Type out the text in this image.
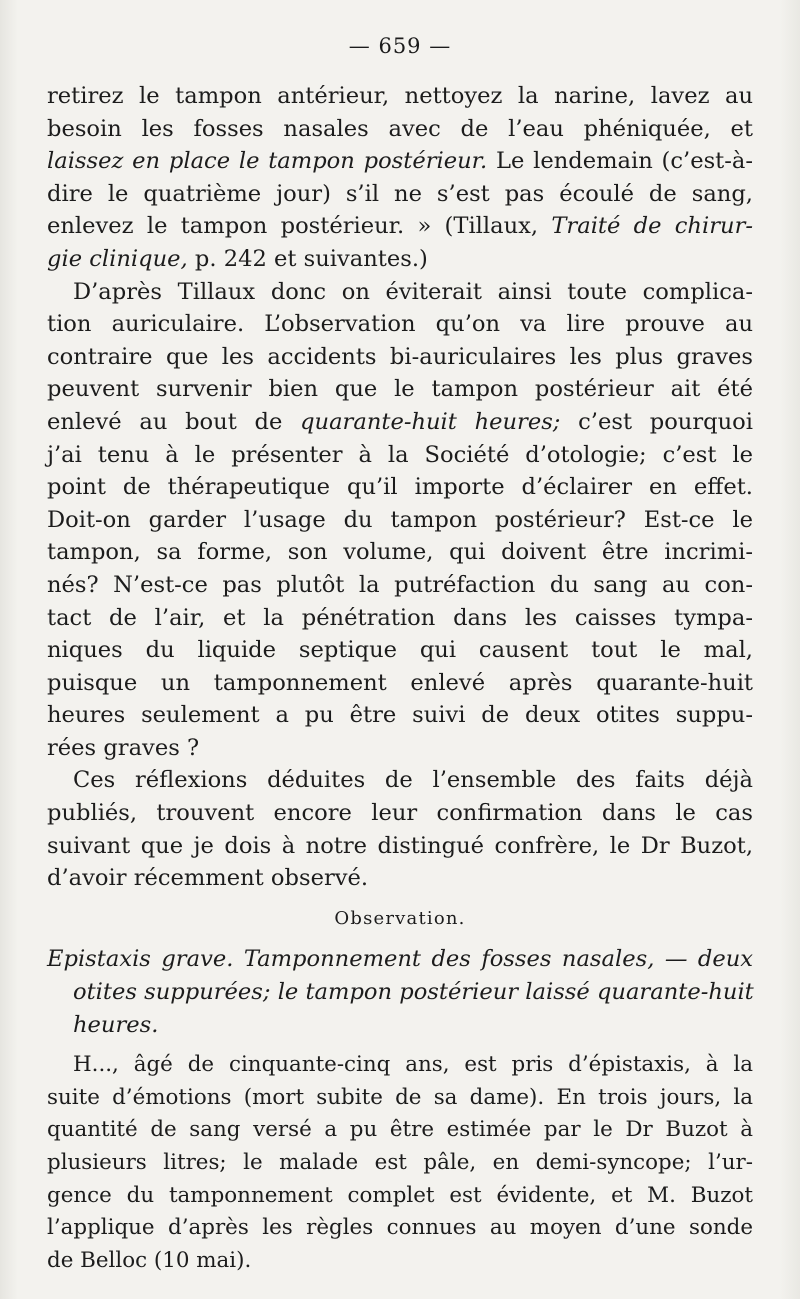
— 659 —
retirez le tampon antérieur, nettoyez la narine, lavez au
besoin les fosses nasales avec de l’eau phéniquée, et
laissez en place le tampon postérieur. Le lendemain (c’est-à-
dire le quatrième jour) s’il ne s’est pas écoulé de sang,
enlevez le tampon postérieur. » (Tillaux, Traité de chirur-
gie clinique, p. 242 et suivantes.)
D’après Tillaux donc on éviterait ainsi toute complica-
tion auriculaire. L’observation qu’on va lire prouve au
contraire que les accidents bi-auriculaires les plus graves
peuvent survenir bien que le tampon postérieur ait été
enlevé au bout de quarante-huit heures; c’est pourquoi
j’ai tenu à le présenter à la Société d’otologie; c’est le
point de thérapeutique qu’il importe d’éclairer en effet.
Doit-on garder l’usage du tampon postérieur? Est-ce le
tampon, sa forme, son volume, qui doivent être incrimi-
nés? N’est-ce pas plutôt la putréfaction du sang au con-
tact de l’air, et la pénétration dans les caisses tympa-
niques du liquide septique qui causent tout le mal,
puisque un tamponnement enlevé après quarante-huit
heures seulement a pu être suivi de deux otites suppu-
rées graves ?
Ces réflexions déduites de l’ensemble des faits déjà
publiés, trouvent encore leur confirmation dans le cas
suivant que je dois à notre distingué confrère, le Dr Buzot,
d’avoir récemment observé.
Observation.
Epistaxis grave. Tamponnement des fosses nasales, — deux
otites suppurées; le tampon postérieur laissé quarante-huit
heures.
H..., âgé de cinquante-cinq ans, est pris d’épistaxis, à la
suite d’émotions (mort subite de sa dame). En trois jours, la
quantité de sang versé a pu être estimée par le Dr Buzot à
plusieurs litres; le malade est pâle, en demi-syncope; l’ur-
gence du tamponnement complet est évidente, et M. Buzot
l’applique d’après les règles connues au moyen d’une sonde
de Belloc (10 mai).
